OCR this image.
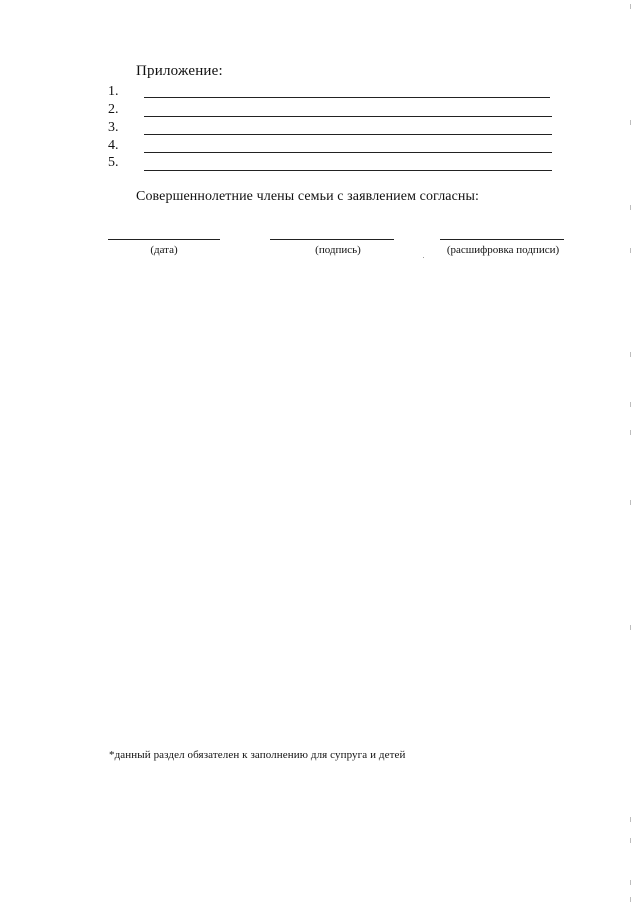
Приложение:
1.
2.
3.
4.
5.
Совершеннолетние члены семьи с заявлением согласны:
(дата)	(подпись)	(расшифровка подписи)
*данный раздел обязателен к заполнению для супруга и детей
